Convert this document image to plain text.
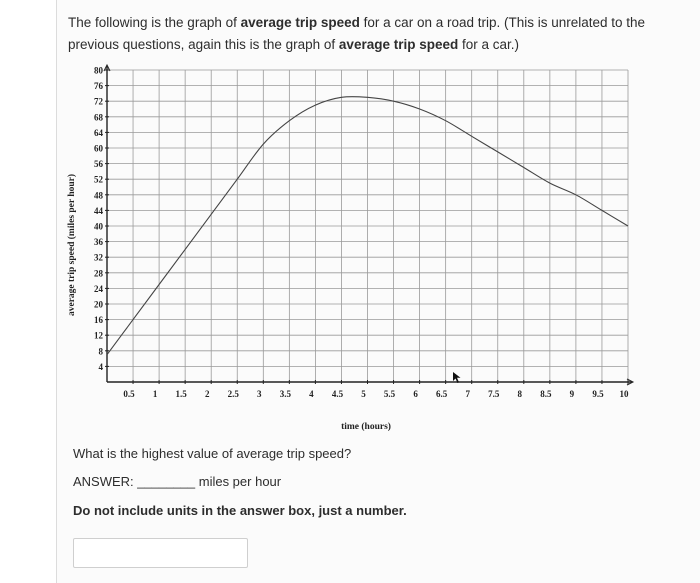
The following is the graph of average trip speed for a car on a road trip. (This is unrelated to the previous questions, again this is the graph of average trip speed for a car.)
4
8
12
16
20
24
28
32
36
40
44
48
52
56
60
64
68
72
76
80
0.5 1 1.5 2 2.5 3 3.5 4 4.5 5 5.5 6 6.5 7 7.5 8 8.5 9 9.5 10
average trip speed (miles per hour)
time (hours)
What is the highest value of average trip speed?
ANSWER: ________ miles per hour
Do not include units in the answer box, just a number.
